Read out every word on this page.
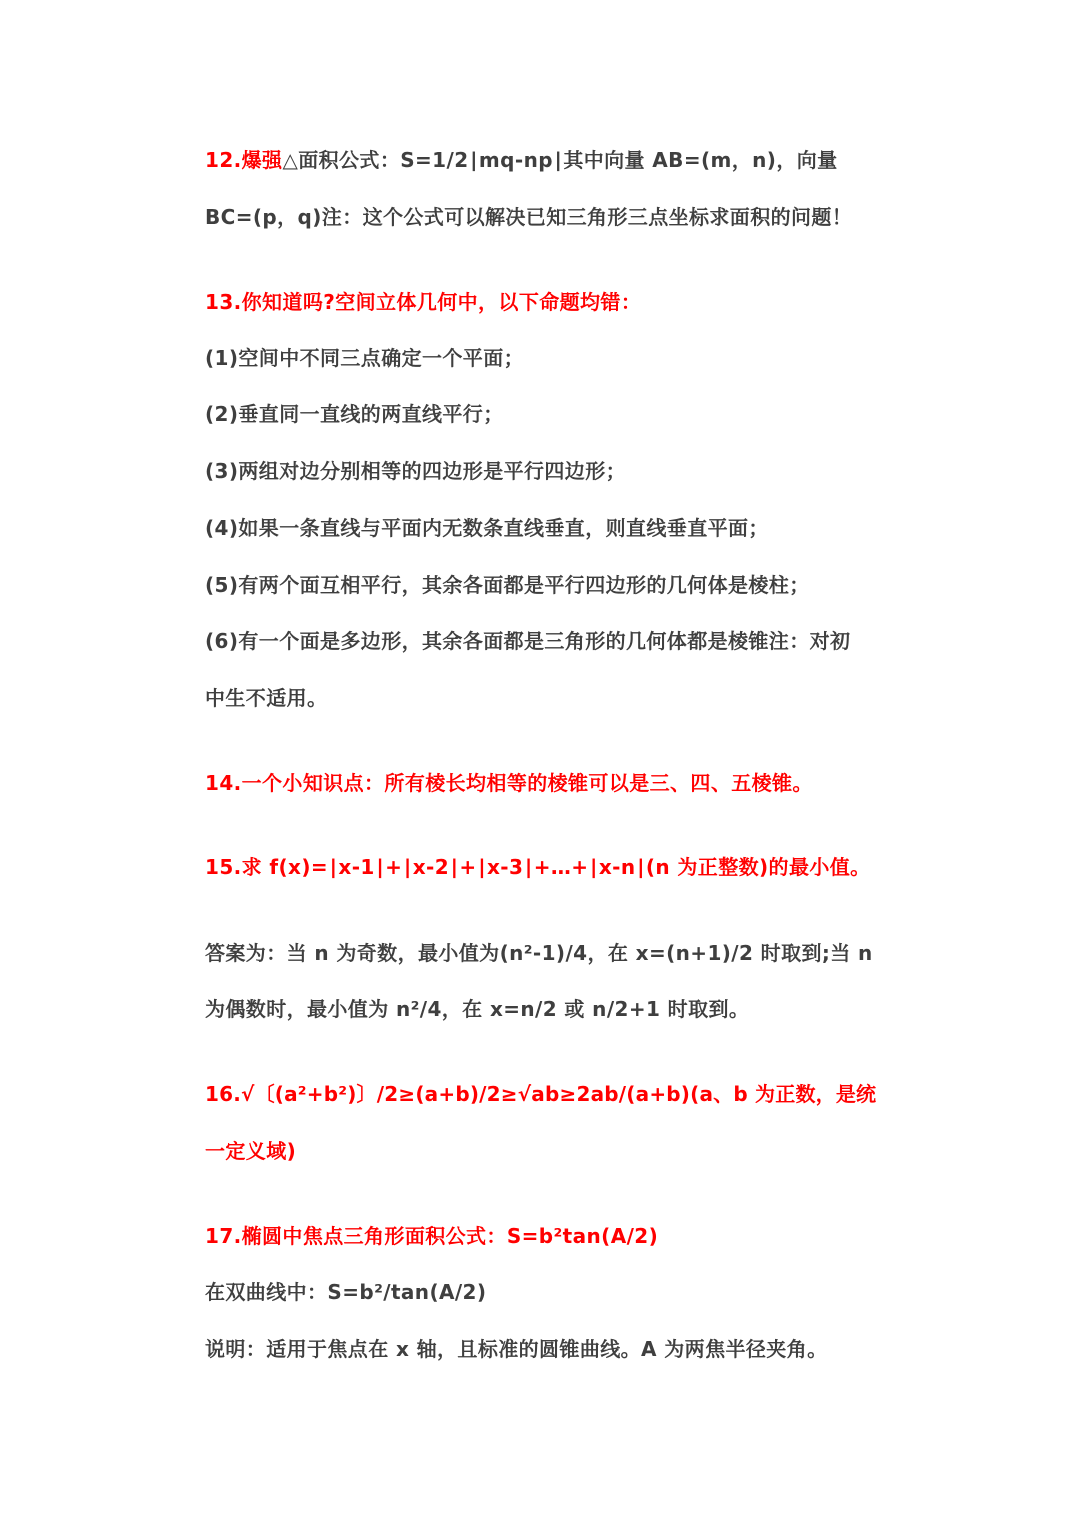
12.爆强△面积公式：S=1/2∣mq-np∣其中向量 AB=(m，n)，向量
BC=(p，q)注：这个公式可以解决已知三角形三点坐标求面积的问题！
13.你知道吗?空间立体几何中，以下命题均错：
(1)空间中不同三点确定一个平面；
(2)垂直同一直线的两直线平行；
(3)两组对边分别相等的四边形是平行四边形；
(4)如果一条直线与平面内无数条直线垂直，则直线垂直平面；
(5)有两个面互相平行，其余各面都是平行四边形的几何体是棱柱；
(6)有一个面是多边形，其余各面都是三角形的几何体都是棱锥注：对初
中生不适用。
14.一个小知识点：所有棱长均相等的棱锥可以是三、四、五棱锥。
15.求 f(x)=∣x-1∣+∣x-2∣+∣x-3∣+…+∣x-n∣(n 为正整数)的最小值。
答案为：当 n 为奇数，最小值为(n²-1)/4，在 x=(n+1)/2 时取到;当 n
为偶数时，最小值为 n²/4，在 x=n/2 或 n/2+1 时取到。
16.√〔(a²+b²)〕/2≥(a+b)/2≥√ab≥2ab/(a+b)(a、b 为正数，是统
一定义域)
17.椭圆中焦点三角形面积公式：S=b²tan(A/2)
在双曲线中：S=b²/tan(A/2)
说明：适用于焦点在 x 轴，且标准的圆锥曲线。A 为两焦半径夹角。
